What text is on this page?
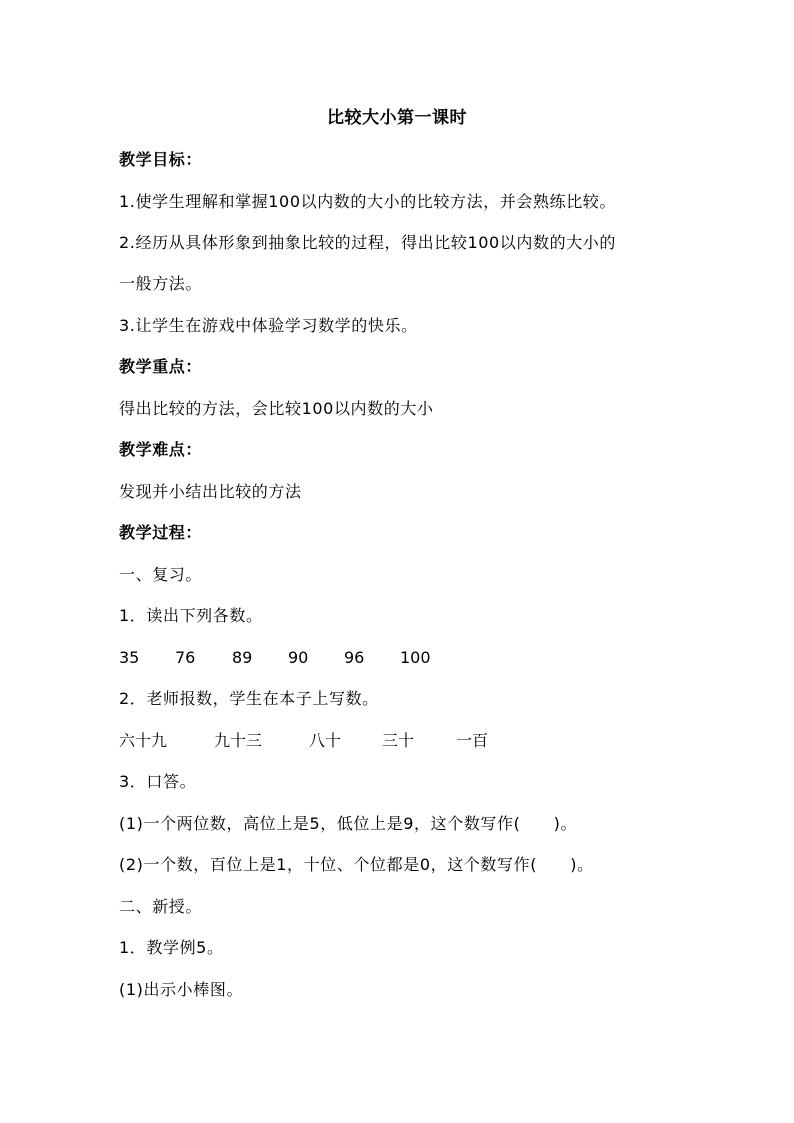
比较大小第一课时
教学目标：
1.使学生理解和掌握100以内数的大小的比较方法，并会熟练比较。
2.经历从具体形象到抽象比较的过程，得出比较100以内数的大小的
一般方法。
3.让学生在游戏中体验学习数学的快乐。
教学重点：
得出比较的方法，会比较100以内数的大小
教学难点：
发现并小结出比较的方法
教学过程：
一、复习。
1．读出下列各数。
35 76 89 90 96 100
2．老师报数，学生在本子上写数。
六十九	九十三	八十	三十	一百
3．口答。
(1)一个两位数，高位上是5，低位上是9，这个数写作(　　)。
(2)一个数，百位上是1，十位、个位都是0，这个数写作(　　)。
二、新授。
1．教学例5。
(1)出示小棒图。
